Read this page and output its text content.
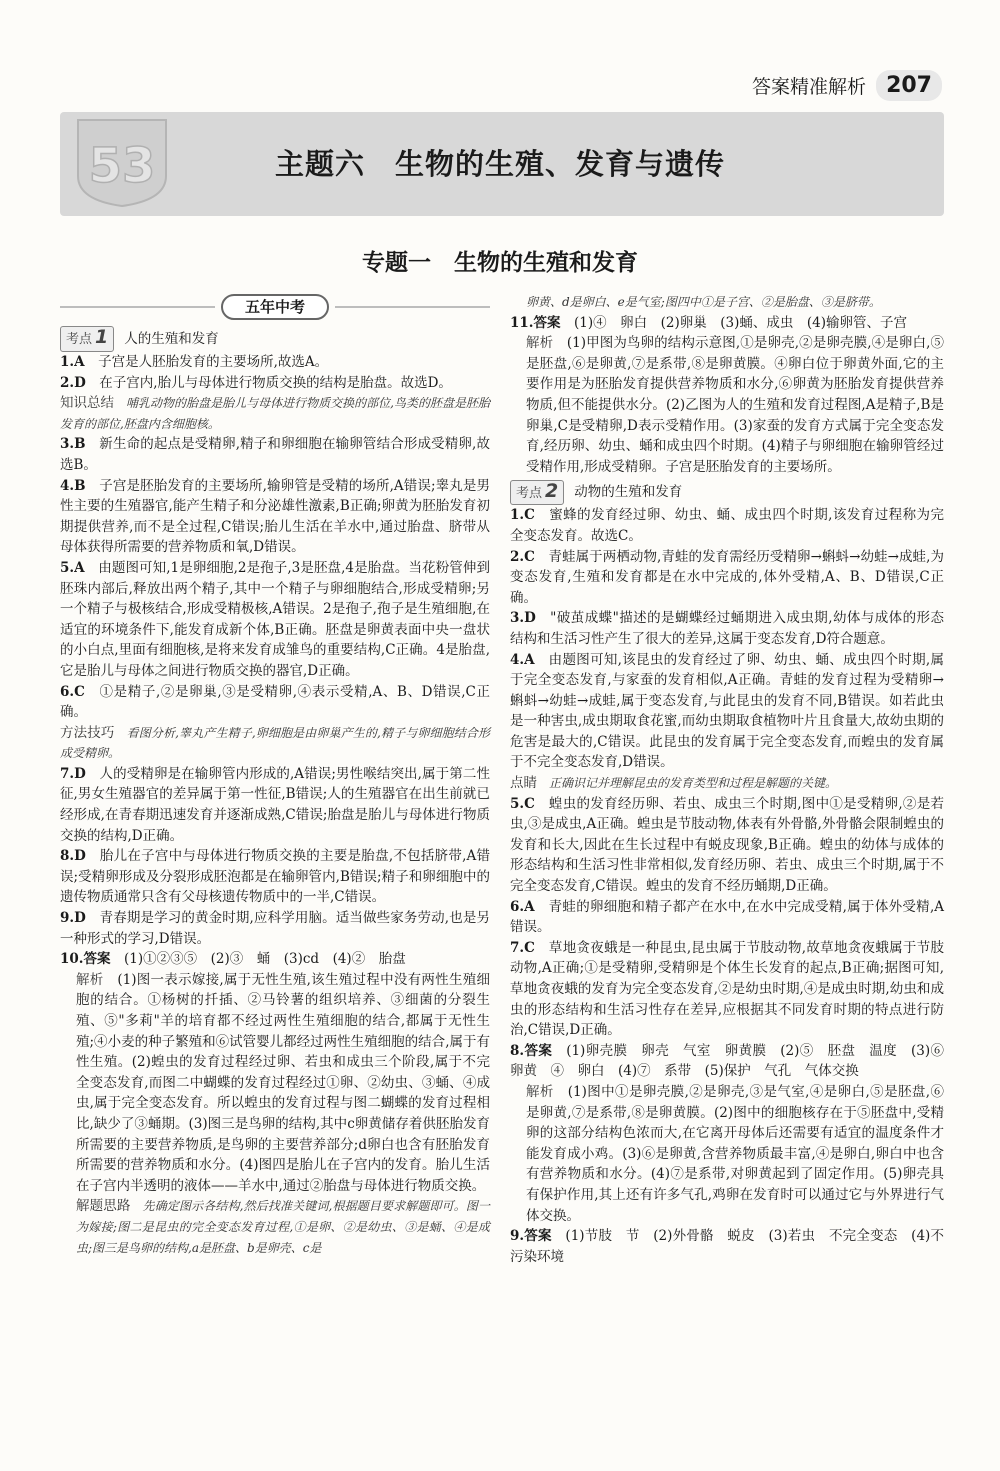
答案精准解析 207
53	主题六　生物的生殖、发育与遗传
专题一　生物的生殖和发育
五年中考
考点 1	人的生殖和发育

1.A　子宫是人胚胎发育的主要场所,故选A。

2.D　在子宫内,胎儿与母体进行物质交换的结构是胎盘。故选D。

知识总结　哺乳动物的胎盘是胎儿与母体进行物质交换的部位,鸟类的胚盘是胚胎发育的部位,胚盘内含细胞核。

3.B　新生命的起点是受精卵,精子和卵细胞在输卵管结合形成受精卵,故选B。

4.B　子宫是胚胎发育的主要场所,输卵管是受精的场所,A错误;睾丸是男性主要的生殖器官,能产生精子和分泌雄性激素,B正确;卵黄为胚胎发育初期提供营养,而不是全过程,C错误;胎儿生活在羊水中,通过胎盘、脐带从母体获得所需要的营养物质和氧,D错误。

5.A　由题图可知,1是卵细胞,2是孢子,3是胚盘,4是胎盘。当花粉管伸到胚珠内部后,释放出两个精子,其中一个精子与卵细胞结合,形成受精卵;另一个精子与极核结合,形成受精极核,A错误。2是孢子,孢子是生殖细胞,在适宜的环境条件下,能发育成新个体,B正确。胚盘是卵黄表面中央一盘状的小白点,里面有细胞核,是将来发育成雏鸟的重要结构,C正确。4是胎盘,它是胎儿与母体之间进行物质交换的器官,D正确。

6.C　①是精子,②是卵巢,③是受精卵,④表示受精,A、B、D错误,C正确。

方法技巧　看图分析,睾丸产生精子,卵细胞是由卵巢产生的,精子与卵细胞结合形成受精卵。

7.D　人的受精卵是在输卵管内形成的,A错误;男性喉结突出,属于第二性征,男女生殖器官的差异属于第一性征,B错误;人的生殖器官在出生前就已经形成,在青春期迅速发育并逐渐成熟,C错误;胎盘是胎儿与母体进行物质交换的结构,D正确。

8.D　胎儿在子宫中与母体进行物质交换的主要是胎盘,不包括脐带,A错误;受精卵形成及分裂形成胚泡都是在输卵管内,B错误;精子和卵细胞中的遗传物质通常只含有父母核遗传物质中的一半,C错误。

9.D　青春期是学习的黄金时期,应科学用脑。适当做些家务劳动,也是另一种形式的学习,D错误。

10.答案　(1)①②③⑤　(2)③　蛹　(3)cd　(4)②　胎盘

解析　(1)图一表示嫁接,属于无性生殖,该生殖过程中没有两性生殖细胞的结合。①杨树的扦插、②马铃薯的组织培养、③细菌的分裂生殖、⑤"多莉"羊的培育都不经过两性生殖细胞的结合,都属于无性生殖;④小麦的种子繁殖和⑥试管婴儿都经过两性生殖细胞的结合,属于有性生殖。(2)蝗虫的发育过程经过卵、若虫和成虫三个阶段,属于不完全变态发育,而图二中蝴蝶的发育过程经过①卵、②幼虫、③蛹、④成虫,属于完全变态发育。所以蝗虫的发育过程与图二蝴蝶的发育过程相比,缺少了③蛹期。(3)图三是鸟卵的结构,其中c卵黄储存着供胚胎发育所需要的主要营养物质,是鸟卵的主要营养部分;d卵白也含有胚胎发育所需要的营养物质和水分。(4)图四是胎儿在子宫内的发育。胎儿生活在子宫内半透明的液体——羊水中,通过②胎盘与母体进行物质交换。

解题思路　先确定图示各结构,然后找准关键词,根据题目要求解题即可。图一为嫁接;图二是昆虫的完全变态发育过程,①是卵、②是幼虫、③是蛹、④是成虫;图三是鸟卵的结构,a是胚盘、b是卵壳、c是

卵黄、d是卵白、e是气室;图四中①是子宫、②是胎盘、③是脐带。

11.答案　(1)④　卵白　(2)卵巢　(3)蛹、成虫　(4)输卵管、子宫

解析　(1)甲图为鸟卵的结构示意图,①是卵壳,②是卵壳膜,④是卵白,⑤是胚盘,⑥是卵黄,⑦是系带,⑧是卵黄膜。④卵白位于卵黄外面,它的主要作用是为胚胎发育提供营养物质和水分,⑥卵黄为胚胎发育提供营养物质,但不能提供水分。(2)乙图为人的生殖和发育过程图,A是精子,B是卵巢,C是受精卵,D表示受精作用。(3)家蚕的发育方式属于完全变态发育,经历卵、幼虫、蛹和成虫四个时期。(4)精子与卵细胞在输卵管经过受精作用,形成受精卵。子宫是胚胎发育的主要场所。

考点 2	动物的生殖和发育

1.C　蜜蜂的发育经过卵、幼虫、蛹、成虫四个时期,该发育过程称为完全变态发育。故选C。

2.C　青蛙属于两栖动物,青蛙的发育需经历受精卵→蝌蚪→幼蛙→成蛙,为变态发育,生殖和发育都是在水中完成的,体外受精,A、B、D错误,C正确。

3.D　"破茧成蝶"描述的是蝴蝶经过蛹期进入成虫期,幼体与成体的形态结构和生活习性产生了很大的差异,这属于变态发育,D符合题意。

4.A　由题图可知,该昆虫的发育经过了卵、幼虫、蛹、成虫四个时期,属于完全变态发育,与家蚕的发育相似,A正确。青蛙的发育过程为受精卵→蝌蚪→幼蛙→成蛙,属于变态发育,与此昆虫的发育不同,B错误。如若此虫是一种害虫,成虫期取食花蜜,而幼虫期取食植物叶片且食量大,故幼虫期的危害是最大的,C错误。此昆虫的发育属于完全变态发育,而蝗虫的发育属于不完全变态发育,D错误。

点睛　正确识记并理解昆虫的发育类型和过程是解题的关键。

5.C　蝗虫的发育经历卵、若虫、成虫三个时期,图中①是受精卵,②是若虫,③是成虫,A正确。蝗虫是节肢动物,体表有外骨骼,外骨骼会限制蝗虫的发育和长大,因此在生长过程中有蜕皮现象,B正确。蝗虫的幼体与成体的形态结构和生活习性非常相似,发育经历卵、若虫、成虫三个时期,属于不完全变态发育,C错误。蝗虫的发育不经历蛹期,D正确。

6.A　青蛙的卵细胞和精子都产在水中,在水中完成受精,属于体外受精,A错误。

7.C　草地贪夜蛾是一种昆虫,昆虫属于节肢动物,故草地贪夜蛾属于节肢动物,A正确;①是受精卵,受精卵是个体生长发育的起点,B正确;据图可知,草地贪夜蛾的发育为完全变态发育,②是幼虫时期,④是成虫时期,幼虫和成虫的形态结构和生活习性存在差异,应根据其不同发育时期的特点进行防治,C错误,D正确。

8.答案　(1)卵壳膜　卵壳　气室　卵黄膜　(2)⑤　胚盘　温度　(3)⑥　卵黄　④　卵白　(4)⑦　系带　(5)保护　气孔　气体交换

解析　(1)图中①是卵壳膜,②是卵壳,③是气室,④是卵白,⑤是胚盘,⑥是卵黄,⑦是系带,⑧是卵黄膜。(2)图中的细胞核存在于⑤胚盘中,受精卵的这部分结构色浓而大,在它离开母体后还需要有适宜的温度条件才能发育成小鸡。(3)⑥是卵黄,含营养物质最丰富,④是卵白,卵白中也含有营养物质和水分。(4)⑦是系带,对卵黄起到了固定作用。(5)卵壳具有保护作用,其上还有许多气孔,鸡卵在发育时可以通过它与外界进行气体交换。

9.答案　(1)节肢　节　(2)外骨骼　蜕皮　(3)若虫　不完全变态　(4)不污染环境
